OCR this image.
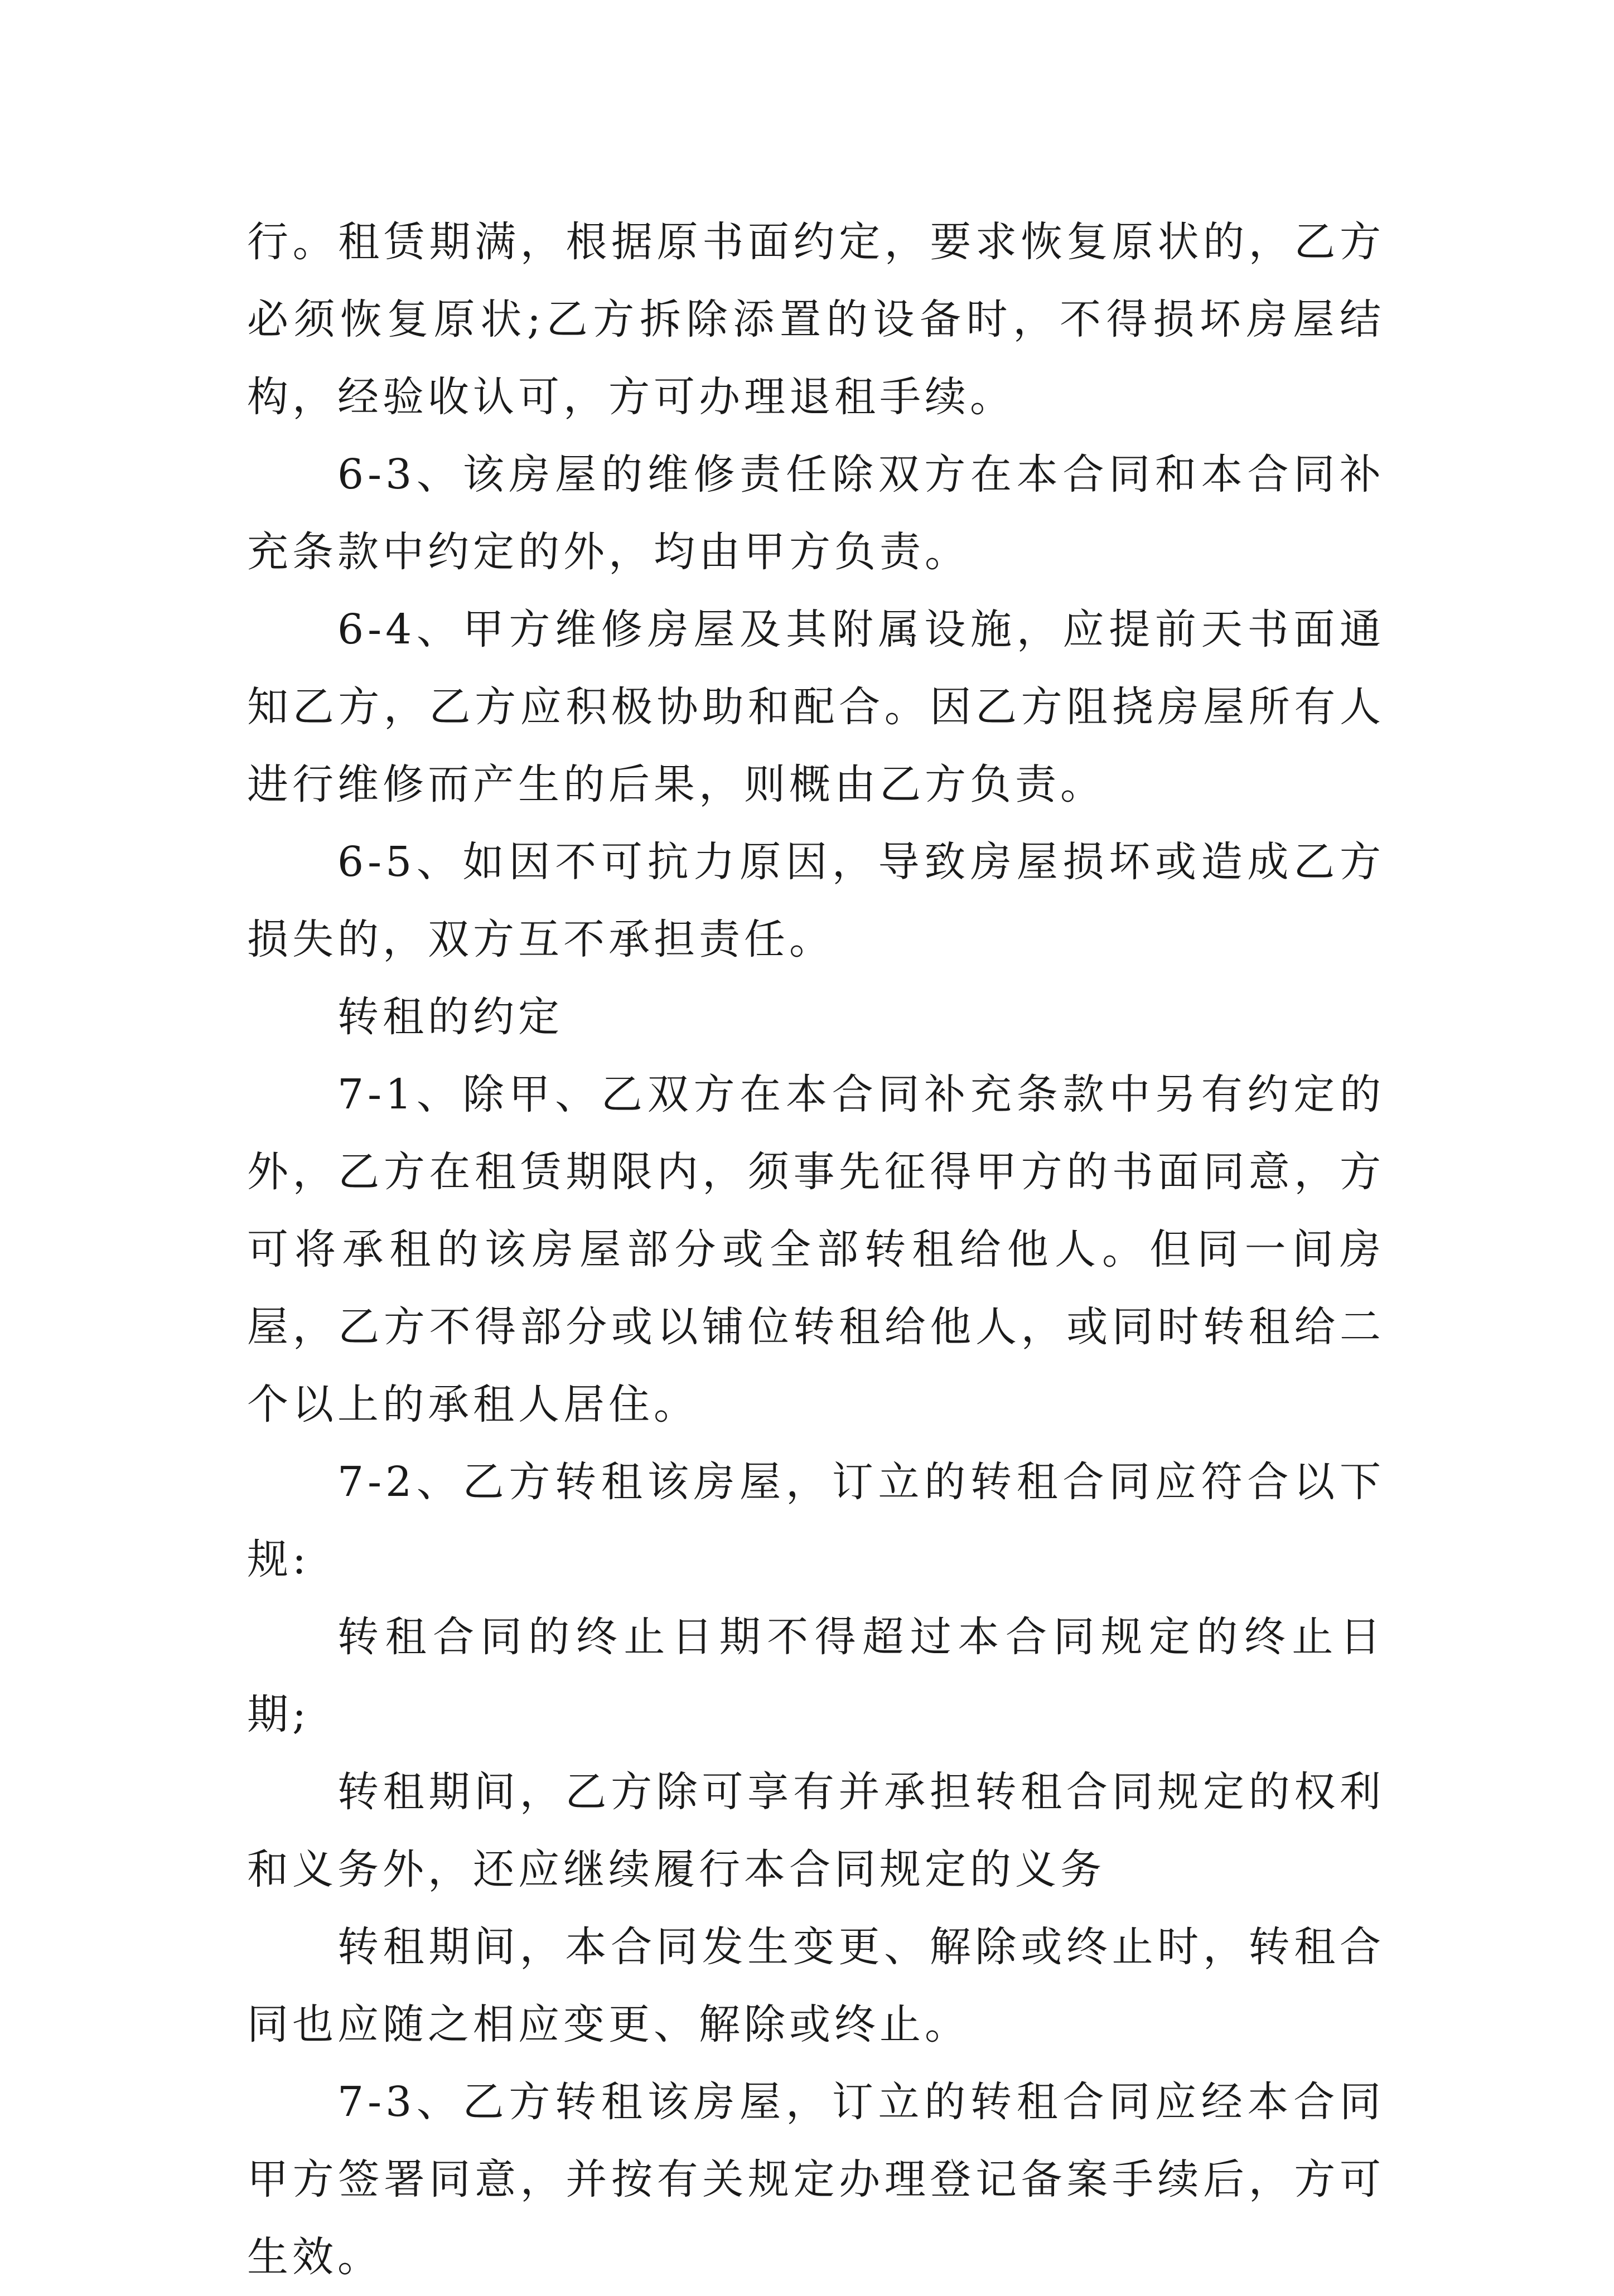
行。租赁期满，根据原书面约定，要求恢复原状的，乙方必须恢复原状;乙方拆除添置的设备时，不得损坏房屋结构，经验收认可，方可办理退租手续。

6-3、该房屋的维修责任除双方在本合同和本合同补充条款中约定的外，均由甲方负责。

6-4、甲方维修房屋及其附属设施，应提前天书面通知乙方，乙方应积极协助和配合。因乙方阻挠房屋所有人进行维修而产生的后果，则概由乙方负责。

6-5、如因不可抗力原因，导致房屋损坏或造成乙方损失的，双方互不承担责任。

转租的约定

7-1、除甲、乙双方在本合同补充条款中另有约定的外，乙方在租赁期限内，须事先征得甲方的书面同意，方可将承租的该房屋部分或全部转租给他人。但同一间房屋，乙方不得部分或以铺位转租给他人，或同时转租给二个以上的承租人居住。

7-2、乙方转租该房屋，订立的转租合同应符合以下规:

转租合同的终止日期不得超过本合同规定的终止日期;

转租期间，乙方除可享有并承担转租合同规定的权利和义务外，还应继续履行本合同规定的义务

转租期间，本合同发生变更、解除或终止时，转租合同也应随之相应变更、解除或终止。

7-3、乙方转租该房屋，订立的转租合同应经本合同甲方签署同意，并按有关规定办理登记备案手续后，方可生效。
